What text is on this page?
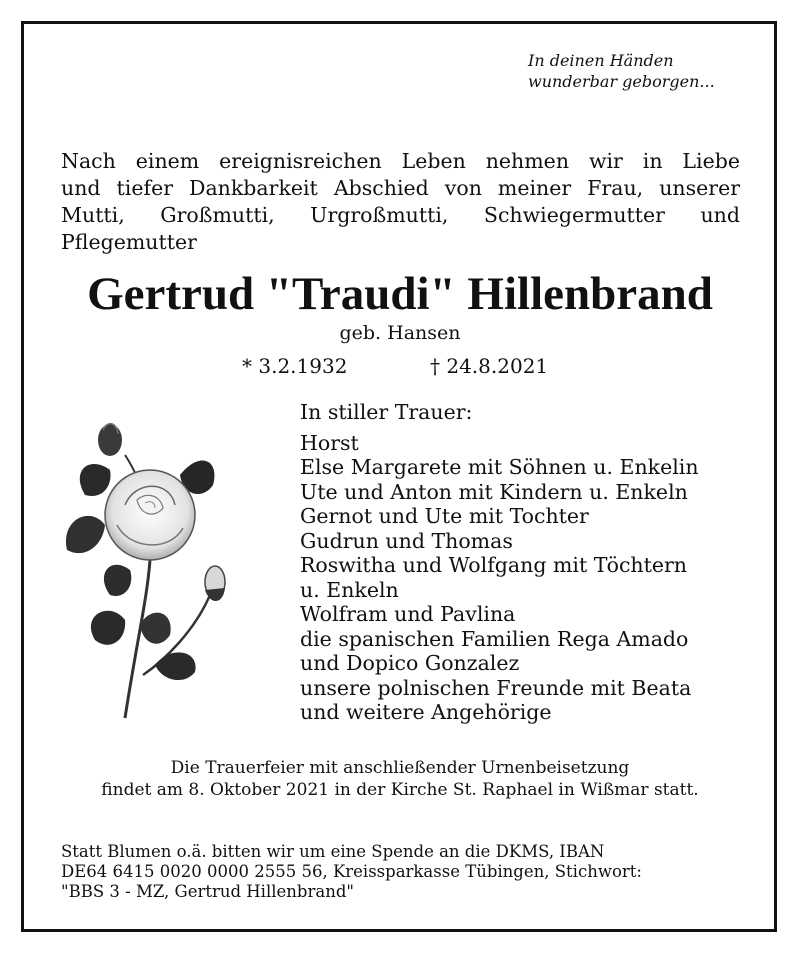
In deinen Händen
wunderbar geborgen...
Nach einem ereignisreichen Leben nehmen wir in Liebe
und tiefer Dankbarkeit Abschied von meiner Frau, unserer
Mutti, Großmutti, Urgroßmutti, Schwiegermutter und
Pflegemutter
Gertrud "Traudi" Hillenbrand
geb. Hansen
* 3.2.1932	† 24.8.2021
In stiller Trauer:
Horst
Else Margarete mit Söhnen u. Enkelin
Ute und Anton mit Kindern u. Enkeln
Gernot und Ute mit Tochter
Gudrun und Thomas
Roswitha und Wolfgang mit Töchtern
u. Enkeln
Wolfram und Pavlina
die spanischen Familien Rega Amado
und Dopico Gonzalez
unsere polnischen Freunde mit Beata
und weitere Angehörige
Die Trauerfeier mit anschließender Urnenbeisetzung
findet am 8. Oktober 2021 in der Kirche St. Raphael in Wißmar statt.
Statt Blumen o.ä. bitten wir um eine Spende an die DKMS, IBAN
DE64 6415 0020 0000 2555 56, Kreissparkasse Tübingen, Stichwort:
"BBS 3 - MZ, Gertrud Hillenbrand"
